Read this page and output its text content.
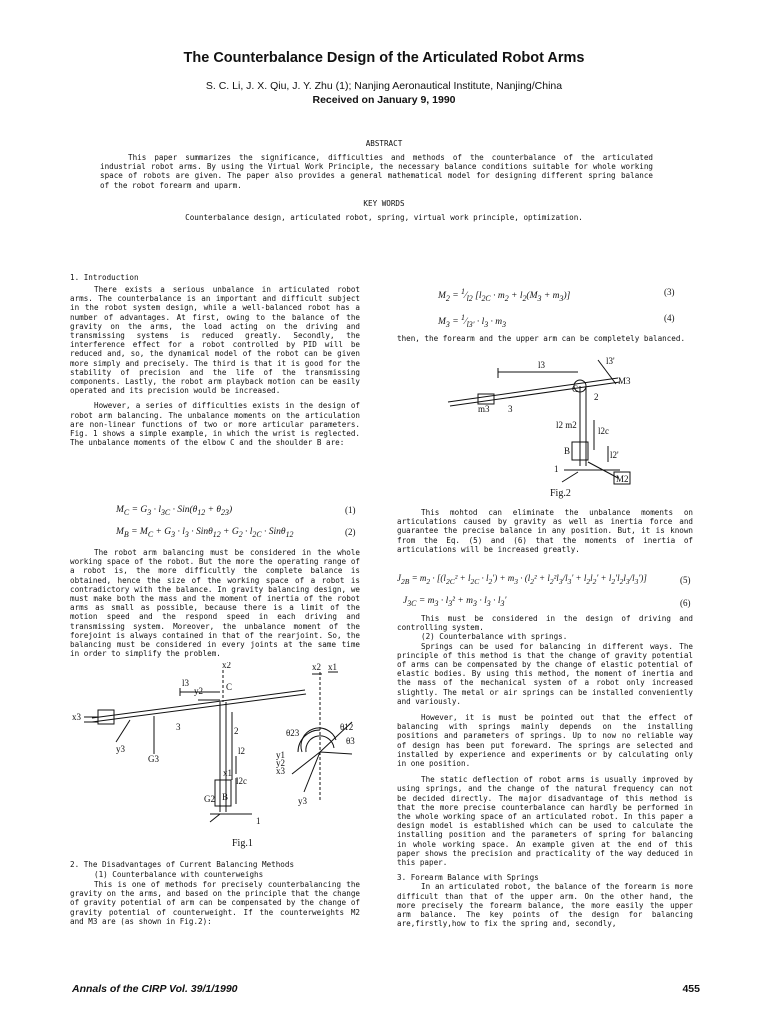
The Counterbalance Design of the Articulated Robot Arms
S. C. Li, J. X. Qiu, J. Y. Zhu (1); Nanjing Aeronautical Institute, Nanjing/China
Received on January 9, 1990
ABSTRACT
This paper summarizes the significance, difficulties and methods of the counterbalance of the articulated industrial robot arms. By using the Virtual Work Principle, the necessary balance conditions suitable for whole working space of robots are given. The paper also provides a general mathematical model for designing different spring balance of the robot forearm and uparm.
KEY WORDS
Counterbalance design, articulated robot, spring, virtual work principle, optimization.
1. Introduction

There exists a serious unbalance in articulated robot arms. The counterbalance is an important and difficult subject in the robot system design, while a well-balanced robot has a number of advantages. At first, owing to the balance of the gravity on the arms, the load acting on the driving and transmissing systems is reduced greatly. Secondly, the interference effect for a robot controlled by PID will be reduced and, so, the dynamical model of the robot can be given more simply and precisely. The third is that it is good for the stability of precision and the life of the transmissing components. Lastly, the robot arm playback motion can be easily operated and its precision would be increased.

However, a series of difficulties exists in the design of robot arm balancing. The unbalance moments on the articulation are non-linear functions of two or more articular parameters. Fig. 1 shows a simple example, in which the wrist is reglected. The unbalance moments of the elbow C and the shoulder B are:

$M_C = G_3 \cdot l_{3C} \cdot Sin(\theta_{12} + \theta_{23})$	(1)
$M_B = M_C + G_3 \cdot l_3 \cdot Sin\theta_{12} + G_2 \cdot l_{2C} \cdot Sin\theta_{12}$	(2)

The robot arm balancing must be considered in the whole working space of the robot. But the more the operating range of a robot is, the more difficultly the complete balance is obtained, hence the size of the working space of a robot is contradictory with the balance. In gravity balancing design, we must make both the mass and the moment of inertia of the robot arms as small as possible, because there is a limit of the motion speed and the respond speed in each driving and transmissing system. Moreover, the unbalance moment of the forejoint is always contained in that of the rearjoint. So, the balancing must be considered in every joints at the same time in order to simplify the problem.

x2
l3
y2	C
x3
3	2
l2
x1
l2c
G2 B
1
y3
G3
x2 x1
θ23
θ12
θ3
y1
y2
x3
y3
Fig.1
2. The Disadvantages of Current Balancing Methods
(1) Counterbalance with counterweighs

This is one of methods for precisely counterbalancing the gravity on the arms, and based on the principle that the change of gravity potential of arm can be compensated by the change of gravity potential of counterweight. If the counterweights M2 and M3 are (as shown in Fig.2):

$M_2$ = $^1⁄_{l2}$ $[l_{2C} \cdot m_2 + l_2(M_3 + m_3)]$	(3)
$M_3$ = $^1⁄_{l3'} \cdot l_3 \cdot m_3$
(4)

then, the forearm and the upper arm can be completely balanced.

l3	l3'
M3
C
2
m3 3
l2 m2
l2c
B	l2'
1
M2
Fig.2

This mohtod can eliminate the unbalance moments on articulations caused by gravity as well as inertia force and guarantee the precise balance in any position. But, it is known from the Eq. (5) and (6) that the moments of inertia of articulations will be increased greatly.

$J_{2B} = m_2 \cdot [(l_{2C}^2 + l_{2C} \cdot l_2') + m_3 \cdot (l_2^2 + l_2^2l_3/l_3' + l_2l_2' + l_2'l_2l_3/l_3')]$	(5)
$J_{3C} = m_3 \cdot l_3^2 + m_3 \cdot l_3 \cdot l_3'$	(6)

This must be considered in the design of driving and controlling system.

(2) Counterbalance with springs.

Springs can be used for balancing in different ways. The principle of this method is that the change of gravity potential of arms can be compensated by the change of elastic potential of elastic bodies. By using this method, the moment of inertia and the mass of the mechanical system of a robot only increased slightly. The metal or air springs can be installed conveniently and variously.

However, it is must be pointed out that the effect of balancing with springs mainly depends on the installing positions and parameters of springs. Up to now no reliable way of design has been put foreward. The springs are selected and installed by experience and experiments or by calculating only in one position.

The static deflection of robot arms is usually improved by using springs, and the change of the natural frequency can not be decided directly. The major disadvantage of this method is that the more precise counterbalance can hardly be performed in the whole working space of an articulated robot. In this paper a design model is established which can be used to calculate the installing position and the parameters of spring for balancing in whole working space. An example given at the end of this paper shows the precision and practicality of the way deduced in this paper.

3. Forearm Balance with Springs

In an articulated robot, the balance of the forearm is more difficult than that of the upper arm. On the other hand, the more precisely the forearm balance, the more easily the upper arm balance. The key points of the design for balancing are,firstly,how to fix the spring and, secondly,

Annals of the CIRP Vol. 39/1/1990	455
